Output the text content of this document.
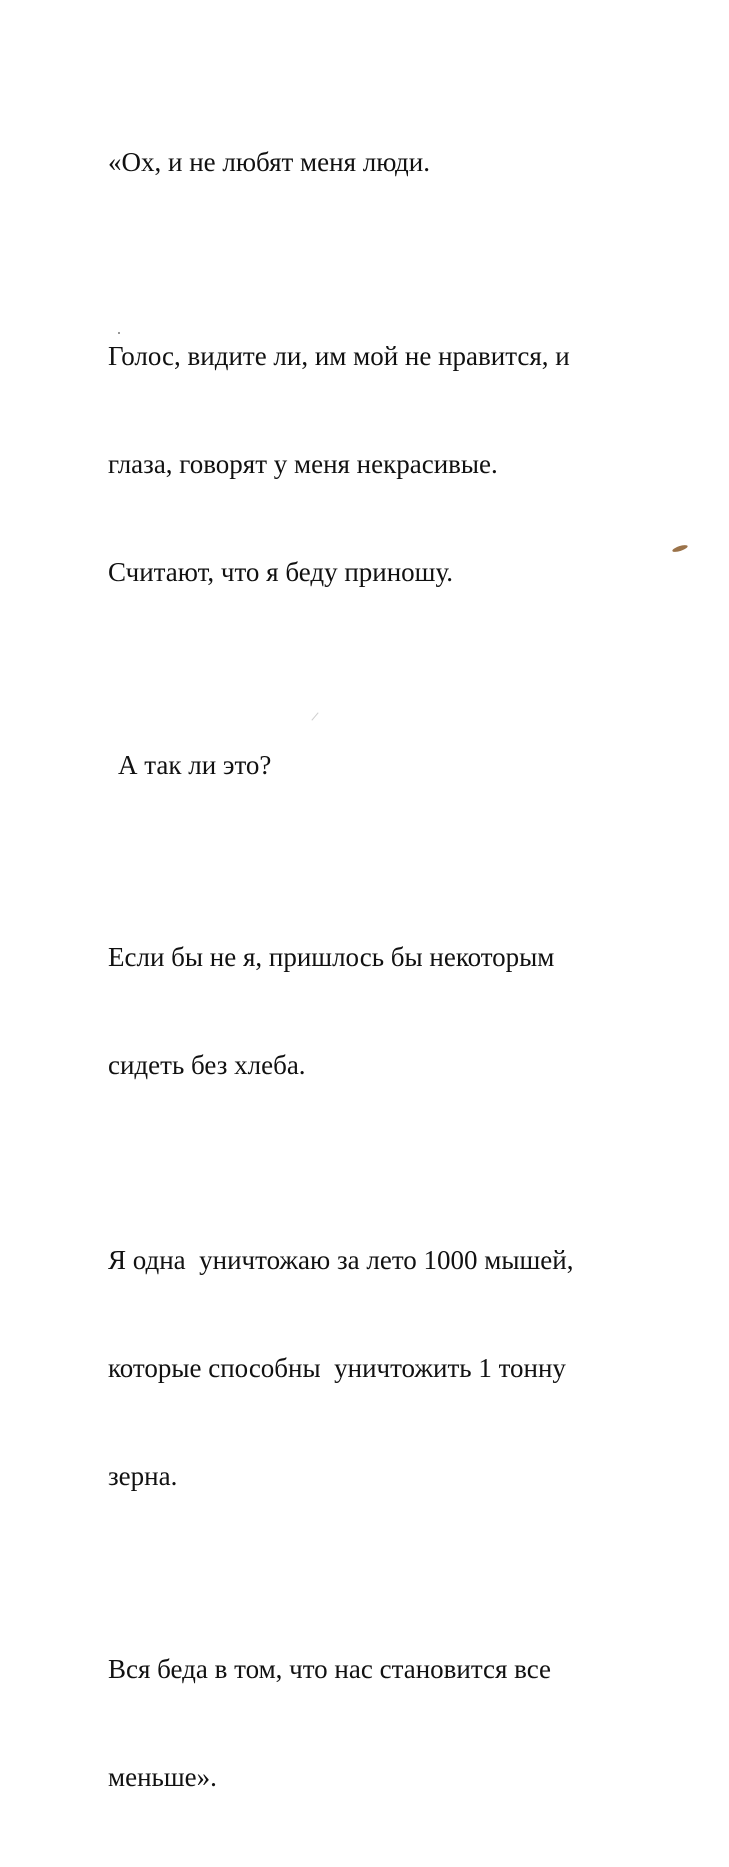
«Ох, и не любят меня люди.

Голос, видите ли, им мой не нравится, и

глаза, говорят у меня некрасивые.

Считают, что я беду приношу.

А так ли это?

Если бы не я, пришлось бы некоторым

сидеть без хлеба.

Я одна  уничтожаю за лето 1000 мышей,

которые способны  уничтожить 1 тонну

зерна.

Вся беда в том, что нас становится все

меньше».
